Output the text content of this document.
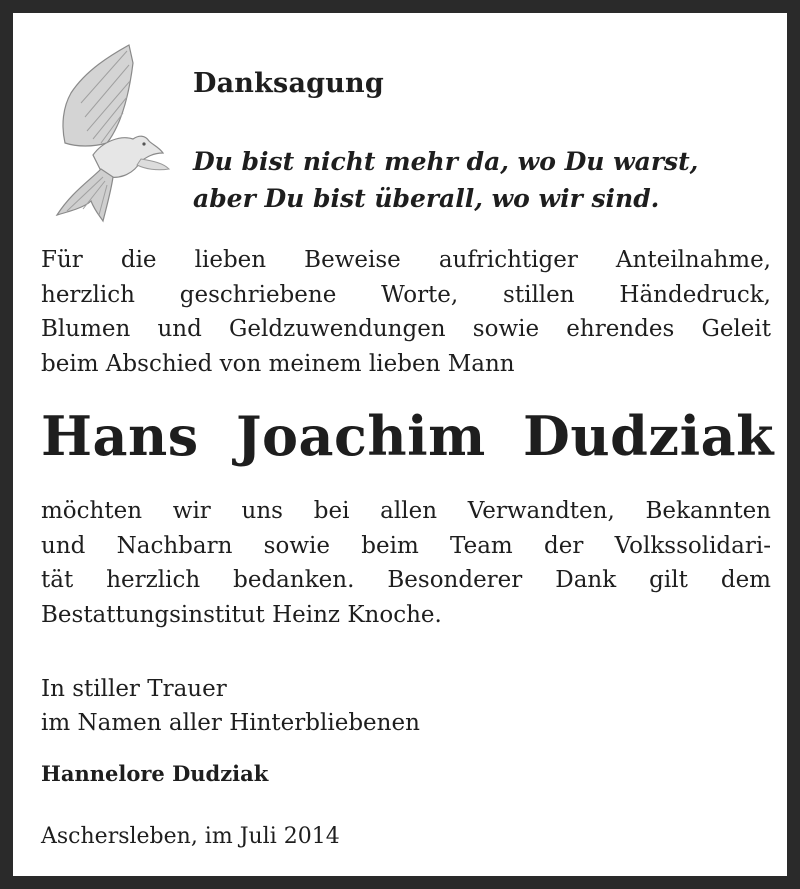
Danksagung
Du bist nicht mehr da, wo Du warst,
aber Du bist überall, wo wir sind.
Für die lieben Beweise aufrichtiger Anteilnahme,
herzlich geschriebene Worte, stillen Händedruck,
Blumen und Geldzuwendungen sowie ehrendes Geleit
beim Abschied von meinem lieben Mann
Hans Joachim Dudziak
möchten wir uns bei allen Verwandten, Bekannten
und Nachbarn sowie beim Team der Volkssolidari-
tät herzlich bedanken. Besonderer Dank gilt dem
Bestattungsinstitut Heinz Knoche.
In stiller Trauer
im Namen aller Hinterbliebenen
Hannelore Dudziak
Aschersleben, im Juli 2014
